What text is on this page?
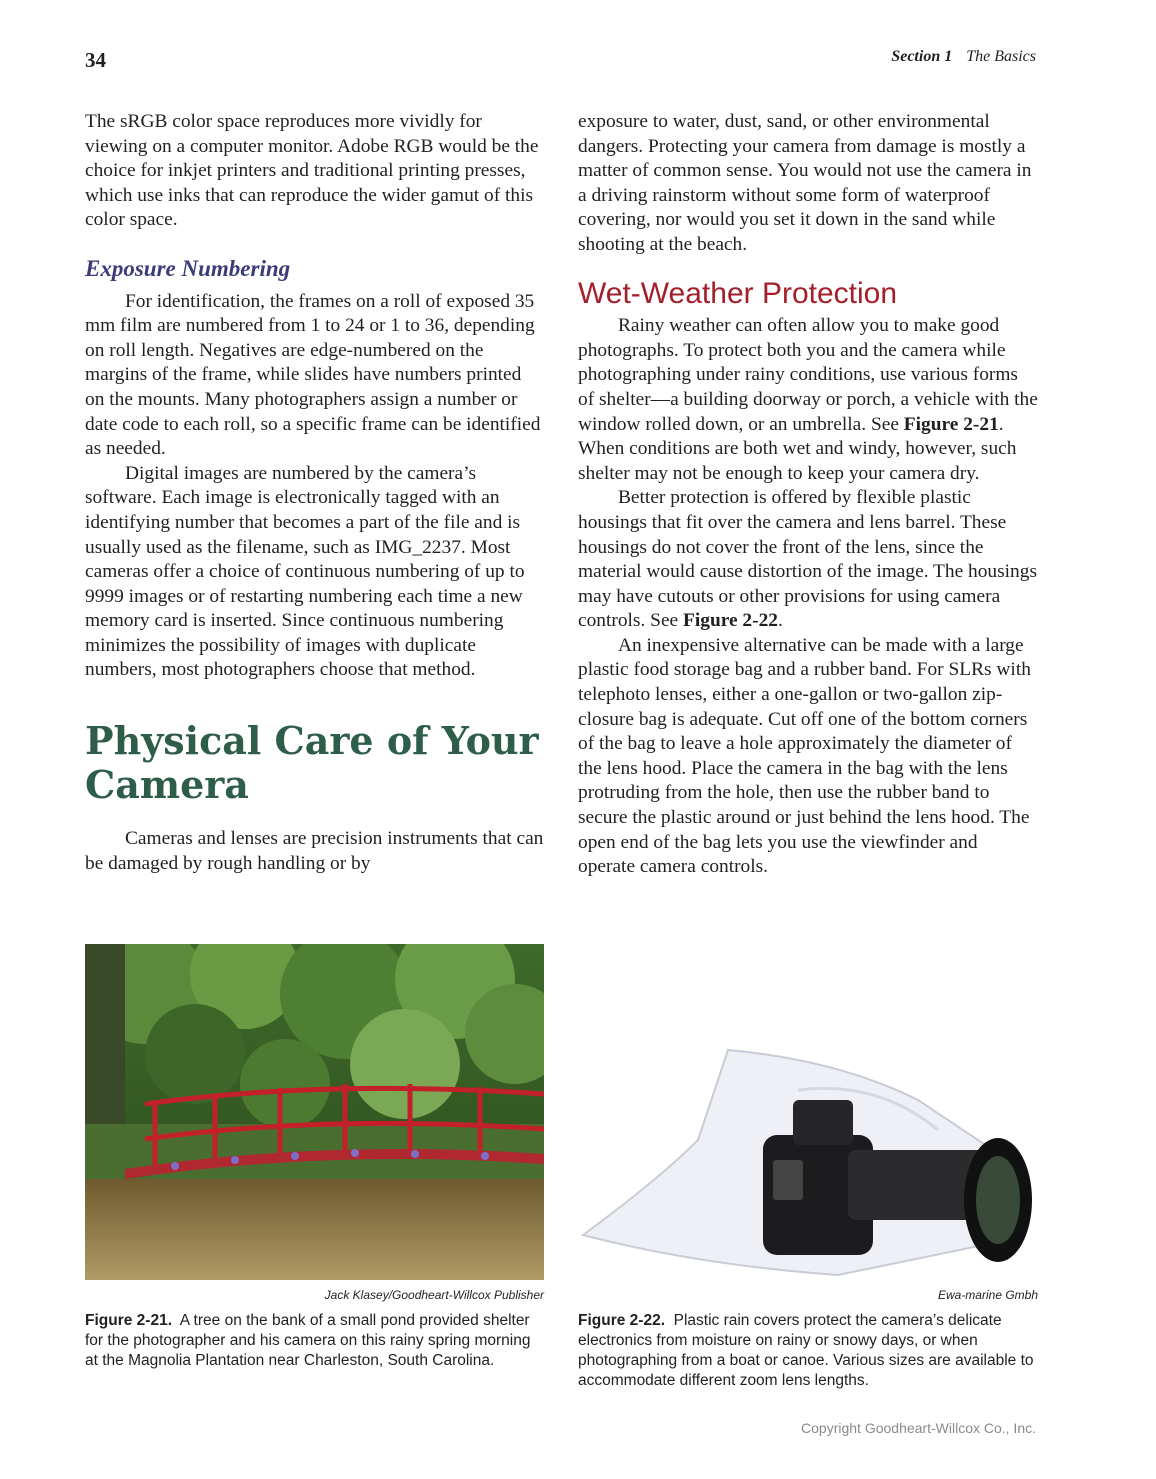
34	Section 1 The Basics

The sRGB color space reproduces more vividly for viewing on a computer monitor. Adobe RGB would be the choice for inkjet printers and traditional printing presses, which use inks that can reproduce the wider gamut of this color space.

Exposure Numbering

For identification, the frames on a roll of exposed 35 mm film are numbered from 1 to 24 or 1 to 36, depending on roll length. Negatives are edge-numbered on the margins of the frame, while slides have numbers printed on the mounts. Many photographers assign a number or date code to each roll, so a specific frame can be identified as needed.

Digital images are numbered by the camera’s software. Each image is electronically tagged with an identifying number that becomes a part of the file and is usually used as the filename, such as IMG_2237. Most cameras offer a choice of continuous numbering of up to 9999 images or of restarting numbering each time a new memory card is inserted. Since continuous numbering minimizes the possibility of images with duplicate numbers, most photographers choose that method.

Physical Care of Your Camera

Cameras and lenses are precision instruments that can be damaged by rough handling or by

exposure to water, dust, sand, or other environmental dangers. Protecting your camera from damage is mostly a matter of common sense. You would not use the camera in a driving rainstorm without some form of waterproof covering, nor would you set it down in the sand while shooting at the beach.

Wet-Weather Protection

Rainy weather can often allow you to make good photographs. To protect both you and the camera while photographing under rainy conditions, use various forms of shelter—a building doorway or porch, a vehicle with the window rolled down, or an umbrella. See Figure 2-21. When conditions are both wet and windy, however, such shelter may not be enough to keep your camera dry.

Better protection is offered by flexible plastic housings that fit over the camera and lens barrel. These housings do not cover the front of the lens, since the material would cause distortion of the image. The housings may have cutouts or other provisions for using camera controls. See Figure 2-22.

An inexpensive alternative can be made with a large plastic food storage bag and a rubber band. For SLRs with telephoto lenses, either a one-gallon or two-gallon zip-closure bag is adequate. Cut off one of the bottom corners of the bag to leave a hole approximately the diameter of the lens hood. Place the camera in the bag with the lens protruding from the hole, then use the rubber band to secure the plastic around or just behind the lens hood. The open end of the bag lets you use the viewfinder and operate camera controls.

Jack Klasey/Goodheart-Willcox Publisher
Figure 2-21. A tree on the bank of a small pond provided shelter for the photographer and his camera on this rainy spring morning at the Magnolia Plantation near Charleston, South Carolina.
Ewa-marine Gmbh
Figure 2-22. Plastic rain covers protect the camera’s delicate electronics from moisture on rainy or snowy days, or when photographing from a boat or canoe. Various sizes are available to accommodate different zoom lens lengths.
Copyright Goodheart-Willcox Co., Inc.
